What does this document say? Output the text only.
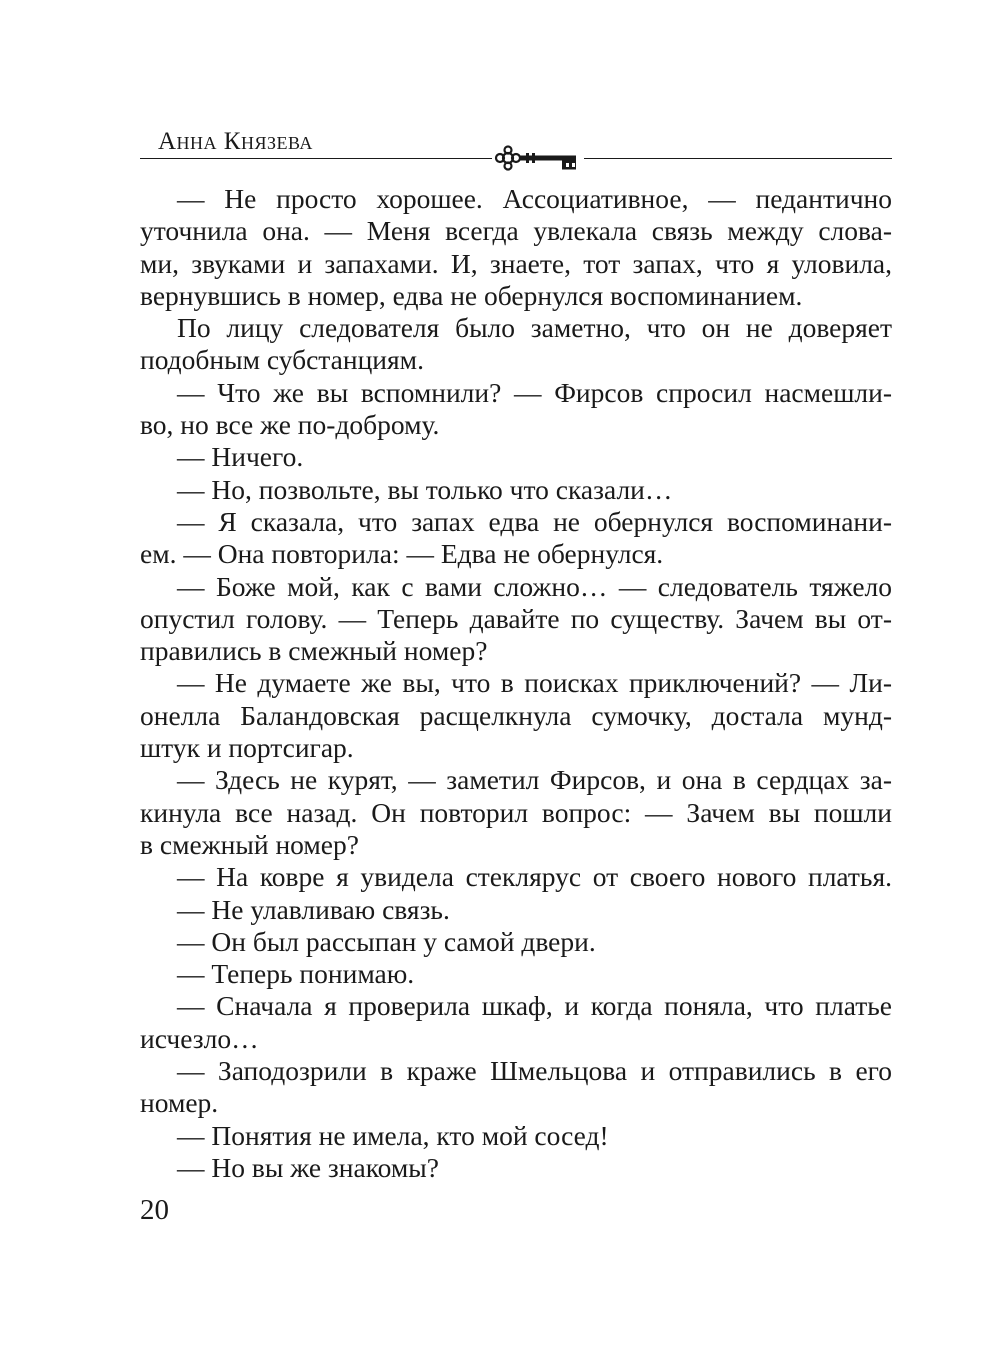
Анна Князева
— Не просто хорошее. Ассоциативное, — педантично
уточнила она. — Меня всегда увлекала связь между слова-
ми, звуками и запахами. И, знаете, тот запах, что я уловила,
вернувшись в номер, едва не обернулся воспоминанием.
По лицу следователя было заметно, что он не доверяет
подобным субстанциям.
— Что же вы вспомнили? — Фирсов спросил насмешли-
во, но все же по-доброму.
— Ничего.
— Но, позвольте, вы только что сказали…
— Я сказала, что запах едва не обернулся воспоминани-
ем. — Она повторила: — Едва не обернулся.
— Боже мой, как с вами сложно… — следователь тяжело
опустил голову. — Теперь давайте по существу. Зачем вы от-
правились в смежный номер?
— Не думаете же вы, что в поисках приключений? — Ли-
онелла Баландовская расщелкнула сумочку, достала мунд-
штук и портсигар.
— Здесь не курят, — заметил Фирсов, и она в сердцах за-
кинула все назад. Он повторил вопрос: — Зачем вы пошли
в смежный номер?
— На ковре я увидела стеклярус от своего нового платья.
— Не улавливаю связь.
— Он был рассыпан у самой двери.
— Теперь понимаю.
— Сначала я проверила шкаф, и когда поняла, что платье
исчезло…
— Заподозрили в краже Шмельцова и отправились в его
номер.
— Понятия не имела, кто мой сосед!
— Но вы же знакомы?
20
